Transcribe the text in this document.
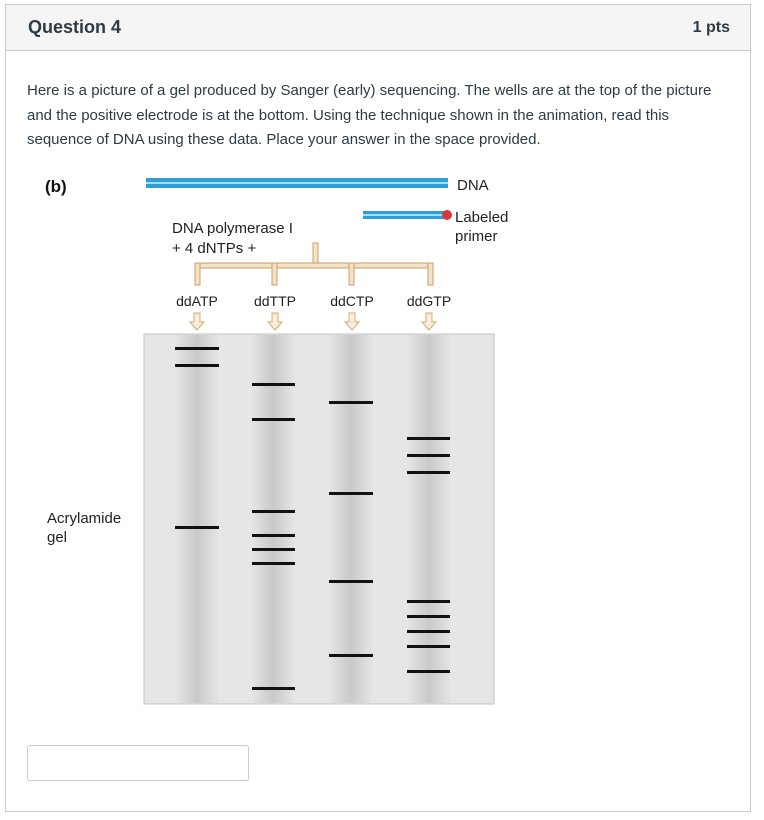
Question 4	1 pts

Here is a picture of a gel produced by Sanger (early) sequencing. The wells are at the top of the picture and the positive electrode is at the bottom. Using the technique shown in the animation, read this sequence of DNA using these data. Place your answer in the space provided.

(b)	DNA
Labeled
primer
DNA polymerase I
+ 4 dNTPs +
ddATP	ddTTP ddCTP ddGTP
Acrylamide
gel
